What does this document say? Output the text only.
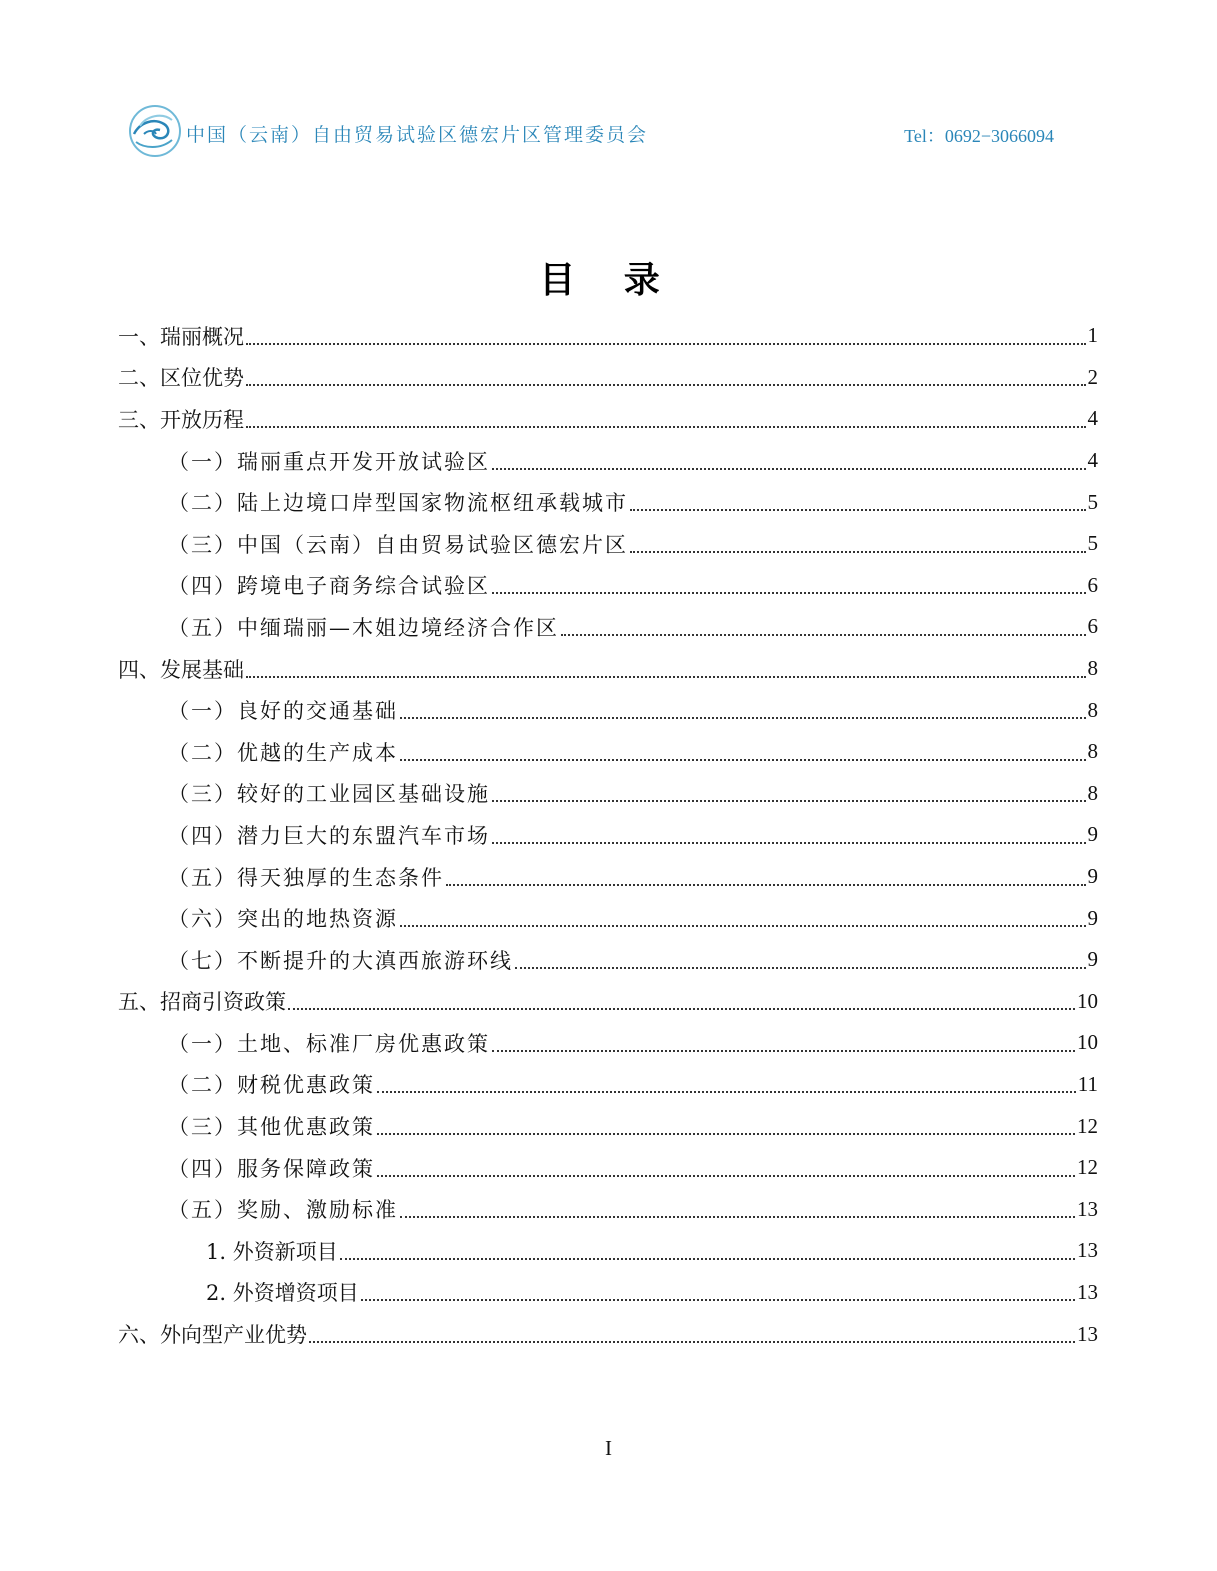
中国（云南）自由贸易试验区德宏片区管理委员会	Tel：0692−3066094
目 录
一、瑞丽概况	1
二、区位优势	2
三、开放历程	4
（一）瑞丽重点开发开放试验区	4
（二）陆上边境口岸型国家物流枢纽承载城市	5
（三）中国（云南）自由贸易试验区德宏片区	5
（四）跨境电子商务综合试验区	6
（五）中缅瑞丽—木姐边境经济合作区	6
四、发展基础	8
（一）良好的交通基础	8
（二）优越的生产成本	8
（三）较好的工业园区基础设施	8
（四）潜力巨大的东盟汽车市场	9
（五）得天独厚的生态条件	9
（六）突出的地热资源	9
（七）不断提升的大滇西旅游环线	9
五、招商引资政策	10
（一）土地、标准厂房优惠政策	10
（二）财税优惠政策	11
（三）其他优惠政策	12
（四）服务保障政策	12
（五）奖励、激励标准	13
1. 外资新项目	13
2. 外资增资项目	13
六、外向型产业优势	13
I
